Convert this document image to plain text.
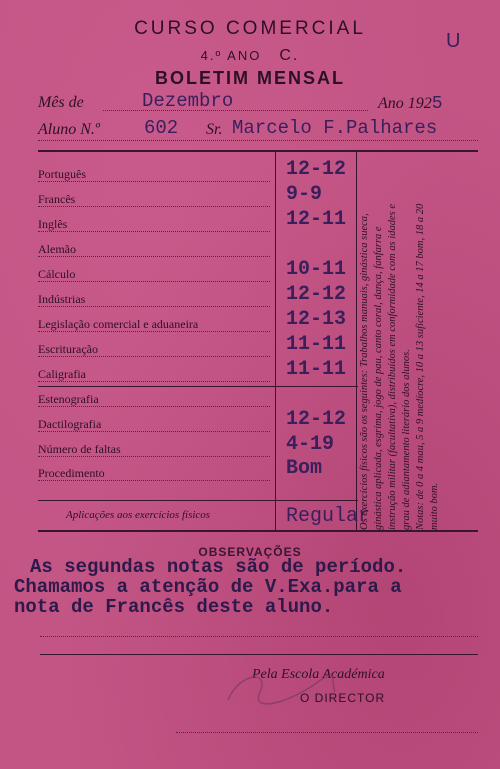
CURSO COMERCIAL
4.º ANO C.
BOLETIM MENSAL
U
Mês de	Dezembro	Ano 1925
Aluno N.º 602 Sr. Marcelo F.Palhares
Português	12-12
Francês	9-9
Inglês	12-11
Alemão
Cálculo	10-11
Indústrias	12-12
Legislação comercial e aduaneira	12-13
Escrituração	11-11
Caligrafia	11-11
Estenografia
Dactilografia	12-12
Número de faltas	4-19
Procedimento	Bom
Aplicações aos exercícios físicos	Regular
Os exercícios físicos são os seguintes: Trabalhos manuais, ginástica sueca, ginástica aplicada, esgrima, jogo de pau, canto coral, dança, fanfarra e instrução militar (facultativa), distribuídos em conformidade com as idades e grau de adiantamento literário dos alunos. Notas: de 0 a 4 mau, 5 a 9 medíocre, 10 a 13 suficiente, 14 a 17 bom, 18 a 20 muito bom.
OBSERVAÇÕES
As segundas notas são de período.
Chamamos a atenção de V.Exa.para a
nota de Francês deste aluno.
Pela Escola Académica
O DIRECTOR
